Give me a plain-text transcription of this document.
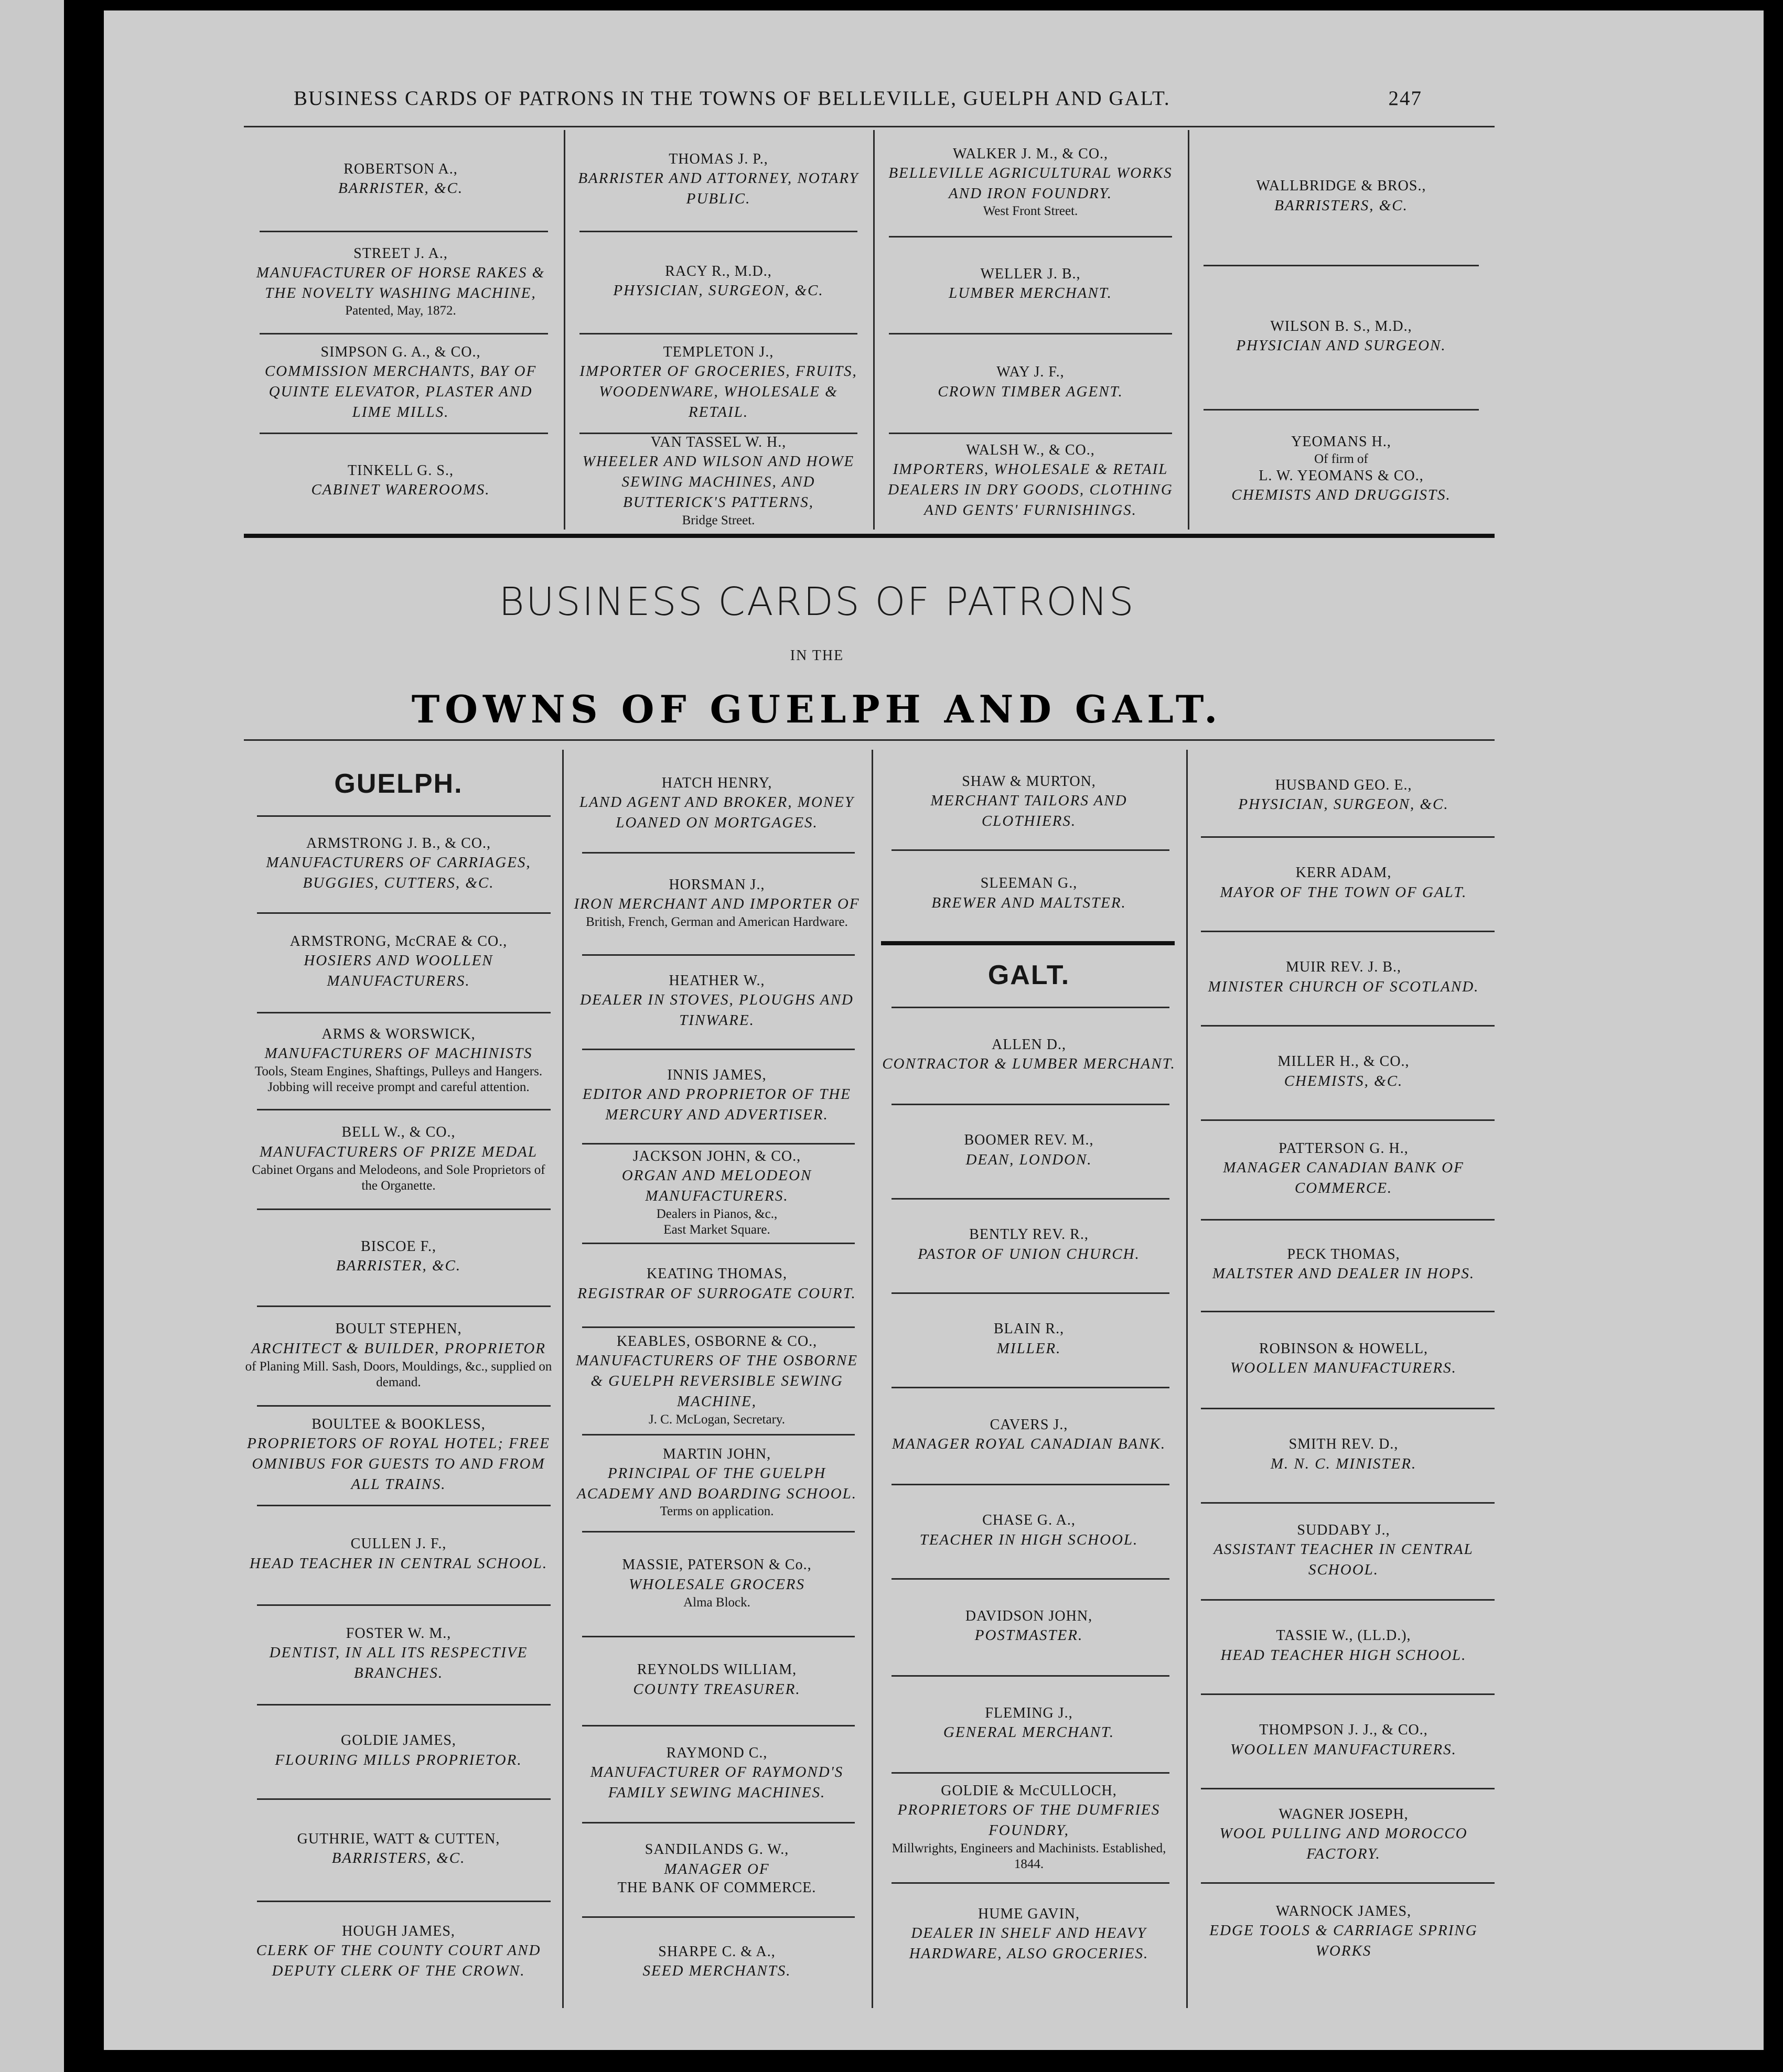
BUSINESS CARDS OF PATRONS IN THE TOWNS OF BELLEVILLE, GUELPH AND GALT.	247
ROBERTSON A.,
BARRISTER, &C.
STREET J. A.,
MANUFACTURER OF HORSE RAKES & THE NOVELTY WASHING MACHINE,
Patented, May, 1872.
SIMPSON G. A., & CO.,
COMMISSION MERCHANTS, BAY OF QUINTE ELEVATOR, PLASTER AND LIME MILLS.
TINKELL G. S.,
CABINET WAREROOMS.
THOMAS J. P.,
BARRISTER AND ATTORNEY, NOTARY PUBLIC.
RACY R., M.D.,
PHYSICIAN, SURGEON, &C.
TEMPLETON J.,
IMPORTER OF GROCERIES, FRUITS, WOODENWARE, WHOLESALE & RETAIL.
VAN TASSEL W. H.,
WHEELER AND WILSON AND HOWE SEWING MACHINES, AND BUTTERICK'S PATTERNS,
Bridge Street.
WALKER J. M., & CO.,
BELLEVILLE AGRICULTURAL WORKS AND IRON FOUNDRY.
West Front Street.
WELLER J. B.,
LUMBER MERCHANT.
WAY J. F.,
CROWN TIMBER AGENT.
WALSH W., & CO.,
IMPORTERS, WHOLESALE & RETAIL DEALERS IN DRY GOODS, CLOTHING AND GENTS' FURNISHINGS.
WALLBRIDGE & BROS.,
BARRISTERS, &C.
WILSON B. S., M.D.,
PHYSICIAN AND SURGEON.
YEOMANS H.,
Of firm of
L. W. YEOMANS & CO.,
CHEMISTS AND DRUGGISTS.
GUELPH.
ARMSTRONG J. B., & CO.,
MANUFACTURERS OF CARRIAGES, BUGGIES, CUTTERS, &C.
ARMSTRONG, McCRAE & CO.,
HOSIERS AND WOOLLEN MANUFACTURERS.
ARMS & WORSWICK,
MANUFACTURERS OF MACHINISTS
Tools, Steam Engines, Shaftings, Pulleys and Hangers. Jobbing will receive prompt and careful attention.
BELL W., & CO.,
MANUFACTURERS OF PRIZE MEDAL
Cabinet Organs and Melodeons, and Sole Proprietors of the Organette.
BISCOE F.,
BARRISTER, &C.
BOULT STEPHEN,
ARCHITECT & BUILDER, PROPRIETOR
of Planing Mill. Sash, Doors, Mouldings, &c., supplied on demand.
BOULTEE & BOOKLESS,
PROPRIETORS OF ROYAL HOTEL; FREE OMNIBUS FOR GUESTS TO AND FROM ALL TRAINS.
CULLEN J. F.,
HEAD TEACHER IN CENTRAL SCHOOL.
FOSTER W. M.,
DENTIST, IN ALL ITS RESPECTIVE BRANCHES.
GOLDIE JAMES,
FLOURING MILLS PROPRIETOR.
GUTHRIE, WATT & CUTTEN,
BARRISTERS, &C.
HOUGH JAMES,
CLERK OF THE COUNTY COURT AND DEPUTY CLERK OF THE CROWN.
HATCH HENRY,
LAND AGENT AND BROKER, MONEY LOANED ON MORTGAGES.
HORSMAN J.,
IRON MERCHANT AND IMPORTER OF
British, French, German and American Hardware.
HEATHER W.,
DEALER IN STOVES, PLOUGHS AND TINWARE.
INNIS JAMES,
EDITOR AND PROPRIETOR OF THE MERCURY AND ADVERTISER.
JACKSON JOHN, & CO.,
ORGAN AND MELODEON MANUFACTURERS.
Dealers in Pianos, &c.,
East Market Square.
KEATING THOMAS,
REGISTRAR OF SURROGATE COURT.
KEABLES, OSBORNE & CO.,
MANUFACTURERS OF THE OSBORNE & GUELPH REVERSIBLE SEWING MACHINE,
J. C. McLogan, Secretary.
MARTIN JOHN,
PRINCIPAL OF THE GUELPH ACADEMY AND BOARDING SCHOOL.
Terms on application.
MASSIE, PATERSON & Co.,
WHOLESALE GROCERS
Alma Block.
REYNOLDS WILLIAM,
COUNTY TREASURER.
RAYMOND C.,
MANUFACTURER OF RAYMOND'S FAMILY SEWING MACHINES.
SANDILANDS G. W.,
MANAGER OF
THE BANK OF COMMERCE.
SHARPE C. & A.,
SEED MERCHANTS.
SHAW & MURTON,
MERCHANT TAILORS AND CLOTHIERS.
SLEEMAN G.,
BREWER AND MALTSTER.
GALT.
ALLEN D.,
CONTRACTOR & LUMBER MERCHANT.
BOOMER REV. M.,
DEAN, LONDON.
BENTLY REV. R.,
PASTOR OF UNION CHURCH.
BLAIN R.,
MILLER.
CAVERS J.,
MANAGER ROYAL CANADIAN BANK.
CHASE G. A.,
TEACHER IN HIGH SCHOOL.
DAVIDSON JOHN,
POSTMASTER.
FLEMING J.,
GENERAL MERCHANT.
GOLDIE & McCULLOCH,
PROPRIETORS OF THE DUMFRIES FOUNDRY,
Millwrights, Engineers and Machinists. Established, 1844.
HUME GAVIN,
DEALER IN SHELF AND HEAVY HARDWARE, ALSO GROCERIES.
HUSBAND GEO. E.,
PHYSICIAN, SURGEON, &C.
KERR ADAM,
MAYOR OF THE TOWN OF GALT.
MUIR REV. J. B.,
MINISTER CHURCH OF SCOTLAND.
MILLER H., & CO.,
CHEMISTS, &C.
PATTERSON G. H.,
MANAGER CANADIAN BANK OF COMMERCE.
PECK THOMAS,
MALTSTER AND DEALER IN HOPS.
ROBINSON & HOWELL,
WOOLLEN MANUFACTURERS.
SMITH REV. D.,
M. N. C. MINISTER.
SUDDABY J.,
ASSISTANT TEACHER IN CENTRAL SCHOOL.
TASSIE W., (LL.D.),
HEAD TEACHER HIGH SCHOOL.
THOMPSON J. J., & CO.,
WOOLLEN MANUFACTURERS.
WAGNER JOSEPH,
WOOL PULLING AND MOROCCO FACTORY.
WARNOCK JAMES,
EDGE TOOLS & CARRIAGE SPRING WORKS
BUSINESS CARDS OF PATRONS
IN THE
TOWNS OF GUELPH AND GALT.
